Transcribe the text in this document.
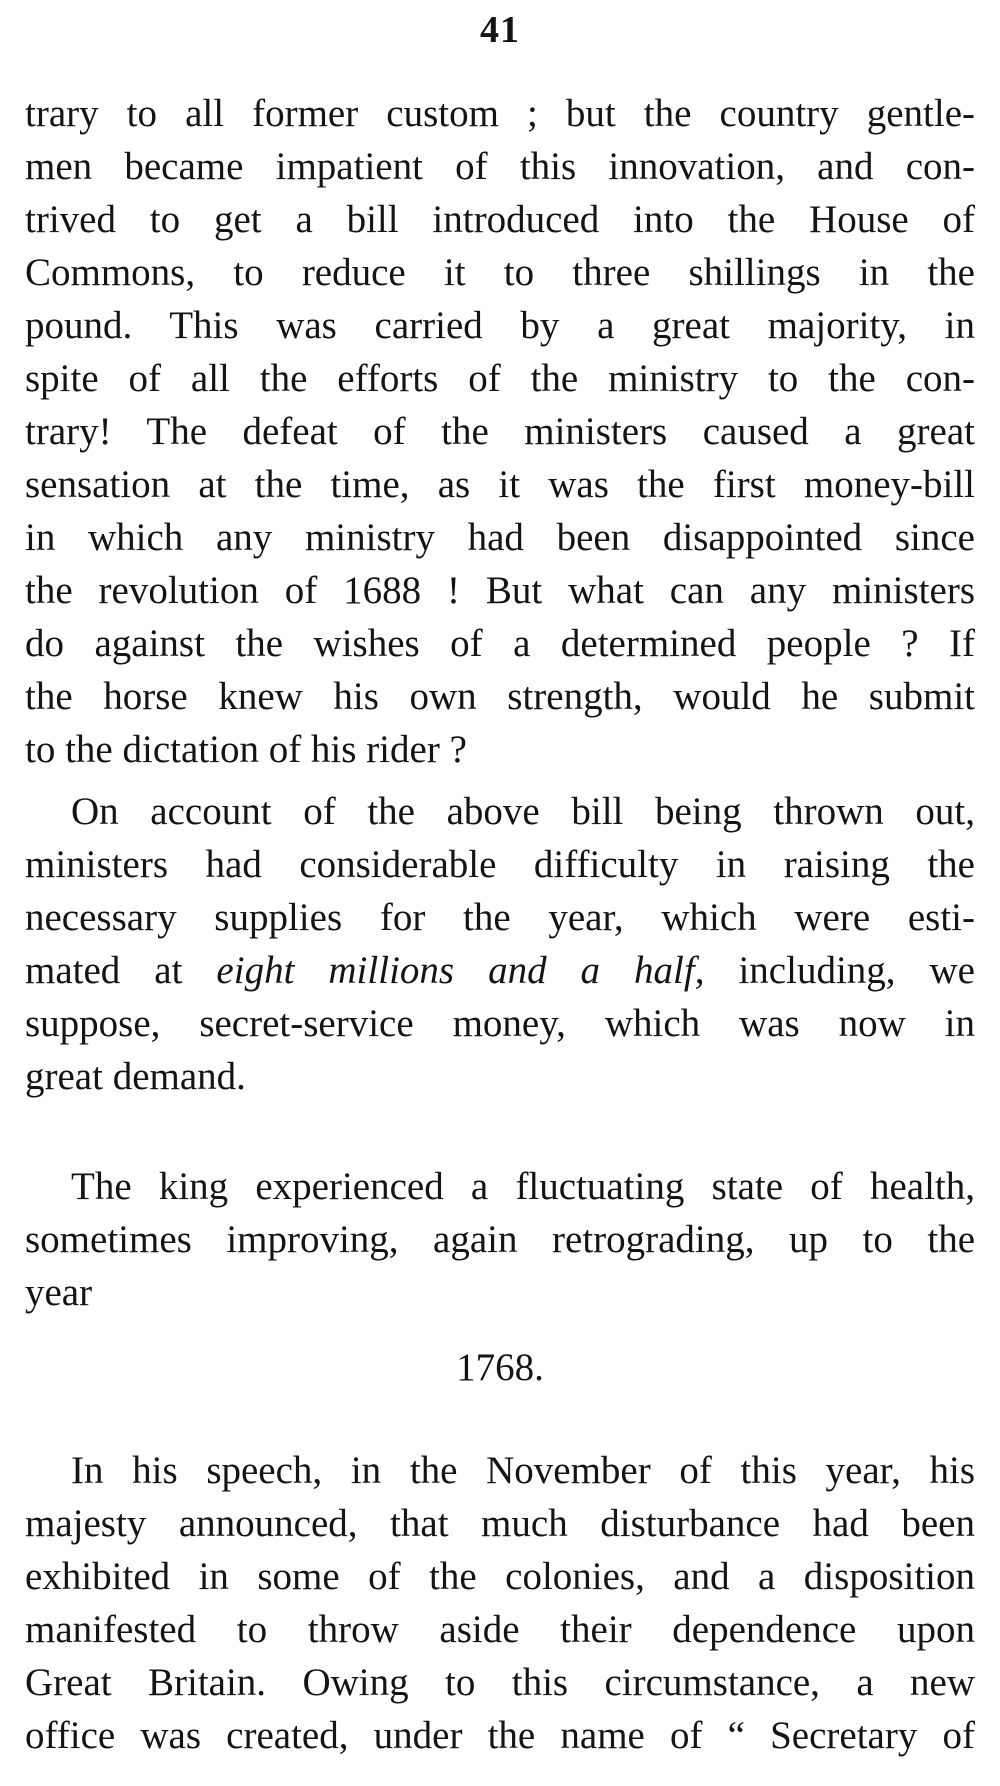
41
trary to all former custom ; but the country gentle-
men became impatient of this innovation, and con-
trived to get a bill introduced into the House of
Commons, to reduce it to three shillings in the
pound. This was carried by a great majority, in
spite of all the efforts of the ministry to the con-
trary! The defeat of the ministers caused a great
sensation at the time, as it was the first money-bill
in which any ministry had been disappointed since
the revolution of 1688 ! But what can any ministers
do against the wishes of a determined people ? If
the horse knew his own strength, would he submit
to the dictation of his rider ?
On account of the above bill being thrown out,
ministers had considerable difficulty in raising the
necessary supplies for the year, which were esti-
mated at eight millions and a half, including, we
suppose, secret-service money, which was now in
great demand.
The king experienced a fluctuating state of health,
sometimes improving, again retrograding, up to the
year
1768.
In his speech, in the November of this year, his
majesty announced, that much disturbance had been
exhibited in some of the colonies, and a disposition
manifested to throw aside their dependence upon
Great Britain. Owing to this circumstance, a new
office was created, under the name of “ Secretary of
